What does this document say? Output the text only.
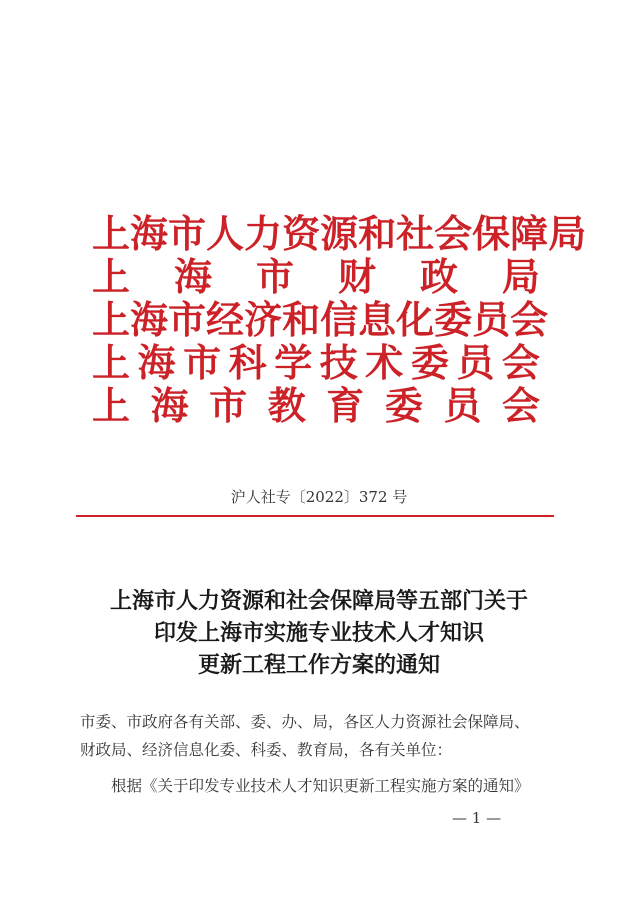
上 海 市 人 力 资 源 和 社 会 保 障 局
上 海 市 财 政 局
上 海 市 经 济 和 信 息 化 委 员 会
上 海 市 科 学 技 术 委 员 会
上 海 市 教 育 委 员 会
沪人社专〔2022〕372 号
上海市人力资源和社会保障局等五部门关于
印发上海市实施专业技术人才知识
更新工程工作方案的通知
市委、市政府各有关部、委、办、局，各区人力资源社会保障局、
财政局、经济信息化委、科委、教育局，各有关单位：
根据《关于印发专业技术人才知识更新工程实施方案的通知》
— 1 —
